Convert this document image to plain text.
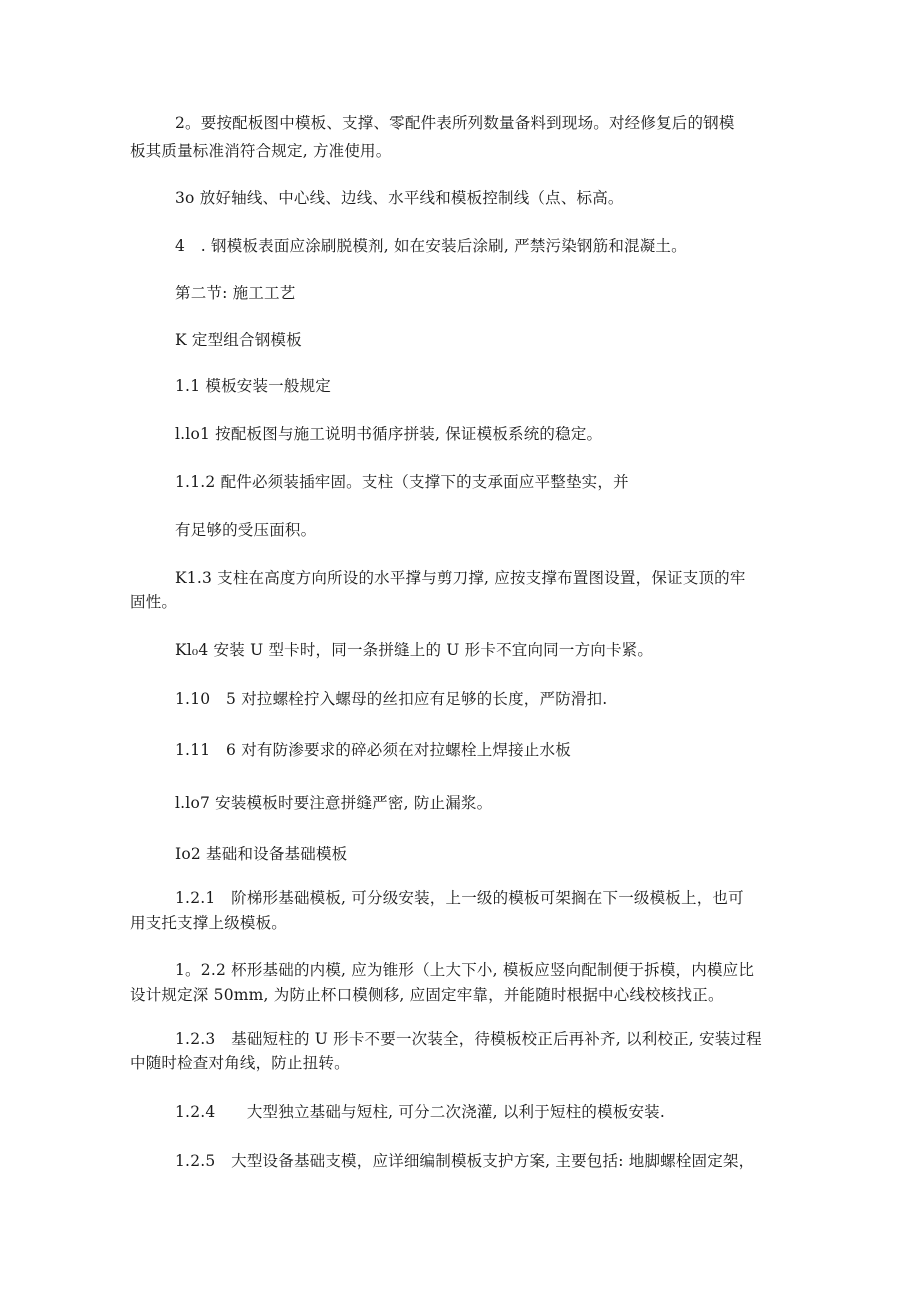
2。要按配板图中模板、支撑、零配件表所列数量备料到现场。对经修复后的钢模
板其质量标准消符合规定, 方准使用。
3o 放好轴线、中心线、边线、水平线和模板控制线（点、标高。
4　. 钢模板表面应涂刷脱模剂, 如在安装后涂刷, 严禁污染钢筋和混凝土。
第二节: 施工工艺
K 定型组合钢模板
1.1 模板安装一般规定
l.lo1 按配板图与施工说明书循序拼装, 保证模板系统的稳定。
1.1.2 配件必须装插牢固。支柱（支撑下的支承面应平整垫实，并
有足够的受压面积。
K1.3 支柱在高度方向所设的水平撑与剪刀撑, 应按支撑布置图设置，保证支顶的牢
固性。
Kl₀4 安装 U 型卡时，同一条拼缝上的 U 形卡不宜向同一方向卡紧。
1.10　5 对拉螺栓拧入螺母的丝扣应有足够的长度，严防滑扣.
1.11　6 对有防渗要求的碎必须在对拉螺栓上焊接止水板
l.lo7 安装模板时要注意拼缝严密, 防止漏浆。
Io2 基础和设备基础模板
1.2.1　阶梯形基础模板, 可分级安装，上一级的模板可架搁在下一级模板上，也可
用支托支撑上级模板。
1。2.2 杯形基础的内模, 应为锥形（上大下小, 模板应竖向配制便于拆模，内模应比
设计规定深 50mm, 为防止杯口模侧移, 应固定牢靠，并能随时根据中心线校核找正。
1.2.3　基础短柱的 U 形卡不要一次装全，待模板校正后再补齐, 以利校正, 安装过程
中随时检查对角线，防止扭转。
1.2.4　　大型独立基础与短柱, 可分二次浇灌, 以利于短柱的模板安装.
1.2.5　大型设备基础支模，应详细编制模板支护方案, 主要包括: 地脚螺栓固定架，
